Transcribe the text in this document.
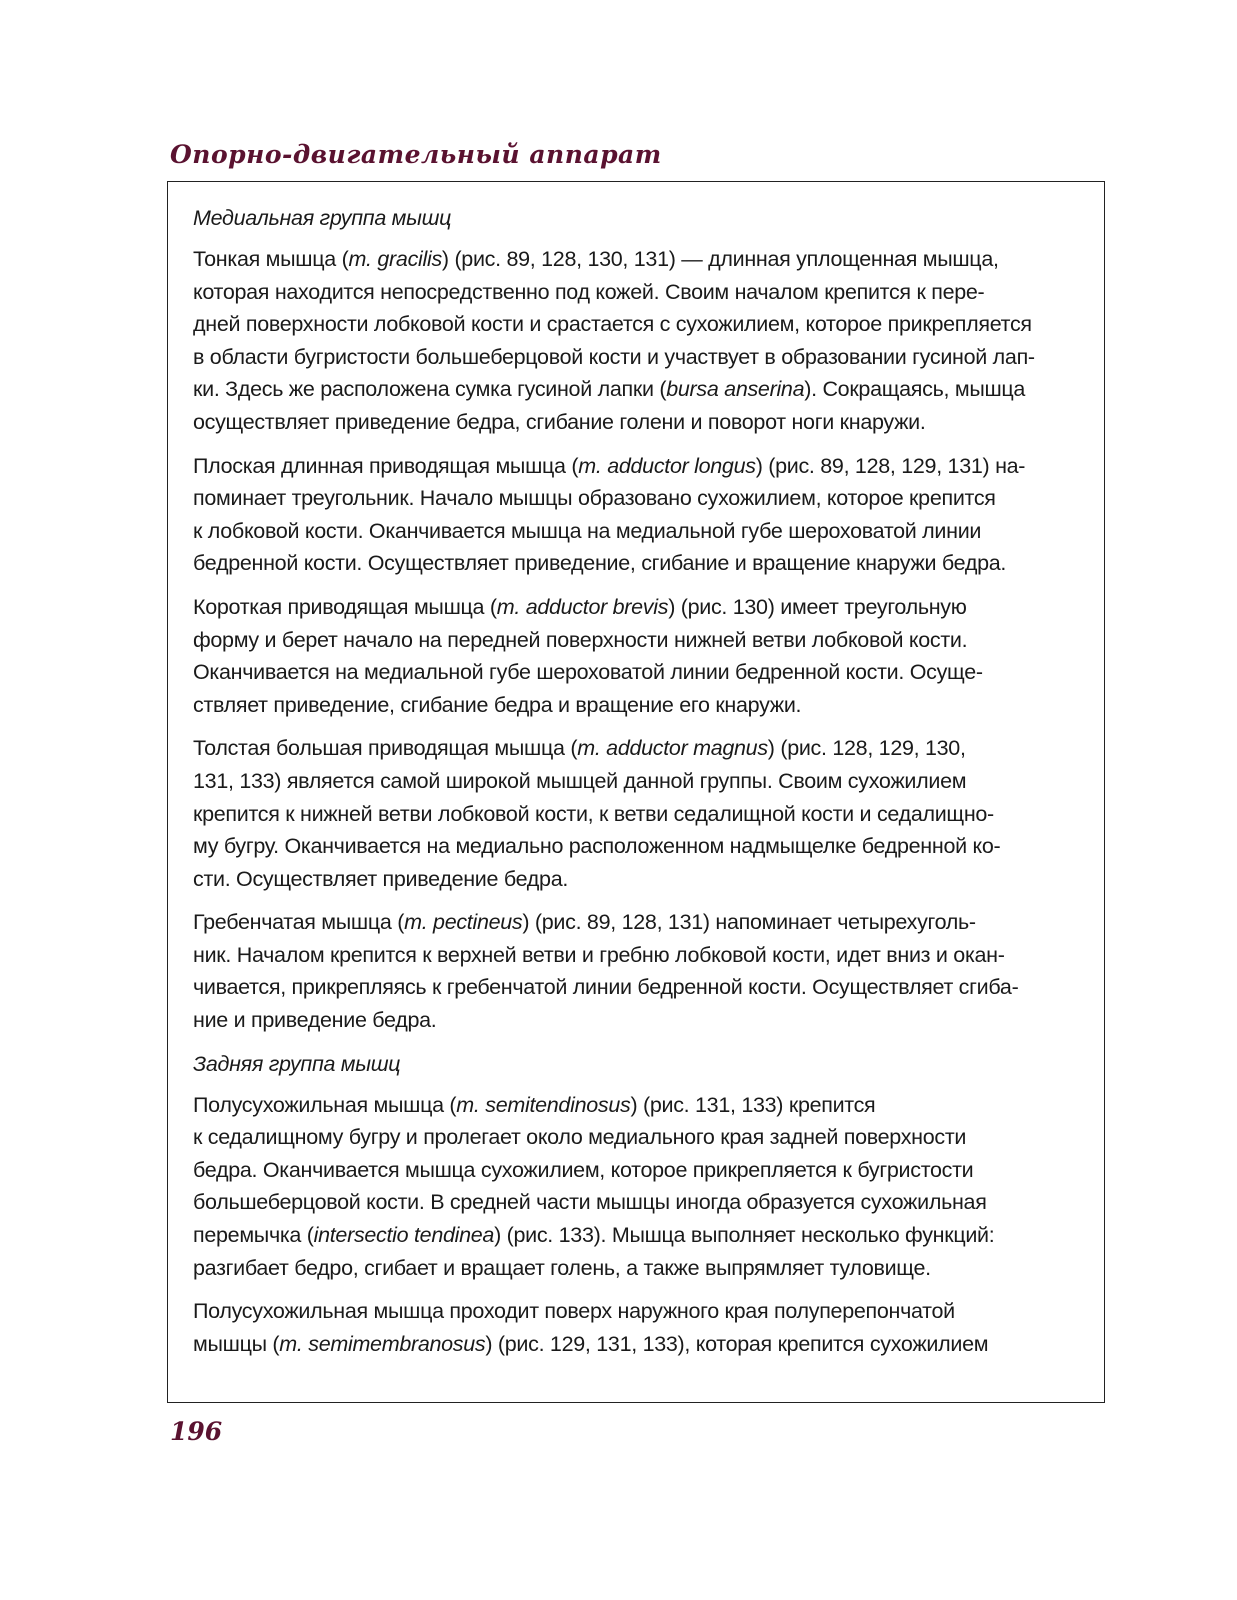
Опорно-двигательный аппарат
Медиальная группа мышц
Тонкая мышца (m. gracilis) (рис. 89, 128, 130, 131) — длинная уплощенная мышца,
которая находится непосредственно под кожей. Своим началом крепится к пере-
дней поверхности лобковой кости и срастается с сухожилием, которое прикрепляется
в области бугристости большеберцовой кости и участвует в образовании гусиной лап-
ки. Здесь же расположена сумка гусиной лапки (bursa anserina). Сокращаясь, мышца
осуществляет приведение бедра, сгибание голени и поворот ноги кнаружи.
Плоская длинная приводящая мышца (m. adductor longus) (рис. 89, 128, 129, 131) на-
поминает треугольник. Начало мышцы образовано сухожилием, которое крепится
к лобковой кости. Оканчивается мышца на медиальной губе шероховатой линии
бедренной кости. Осуществляет приведение, сгибание и вращение кнаружи бедра.
Короткая приводящая мышца (m. adductor brevis) (рис. 130) имеет треугольную
форму и берет начало на передней поверхности нижней ветви лобковой кости.
Оканчивается на медиальной губе шероховатой линии бедренной кости. Осуще-
ствляет приведение, сгибание бедра и вращение его кнаружи.
Толстая большая приводящая мышца (m. adductor magnus) (рис. 128, 129, 130,
131, 133) является самой широкой мышцей данной группы. Своим сухожилием
крепится к нижней ветви лобковой кости, к ветви седалищной кости и седалищно-
му бугру. Оканчивается на медиально расположенном надмыщелке бедренной ко-
сти. Осуществляет приведение бедра.
Гребенчатая мышца (m. pectineus) (рис. 89, 128, 131) напоминает четырехуголь-
ник. Началом крепится к верхней ветви и гребню лобковой кости, идет вниз и окан-
чивается, прикрепляясь к гребенчатой линии бедренной кости. Осуществляет сгиба-
ние и приведение бедра.
Задняя группа мышц
Полусухожильная мышца (m. semitendinosus) (рис. 131, 133) крепится
к седалищному бугру и пролегает около медиального края задней поверхности
бедра. Оканчивается мышца сухожилием, которое прикрепляется к бугристости
большеберцовой кости. В средней части мышцы иногда образуется сухожильная
перемычка (intersectio tendinea) (рис. 133). Мышца выполняет несколько функций:
разгибает бедро, сгибает и вращает голень, а также выпрямляет туловище.
Полусухожильная мышца проходит поверх наружного края полуперепончатой
мышцы (m. semimembranosus) (рис. 129, 131, 133), которая крепится сухожилием
196
